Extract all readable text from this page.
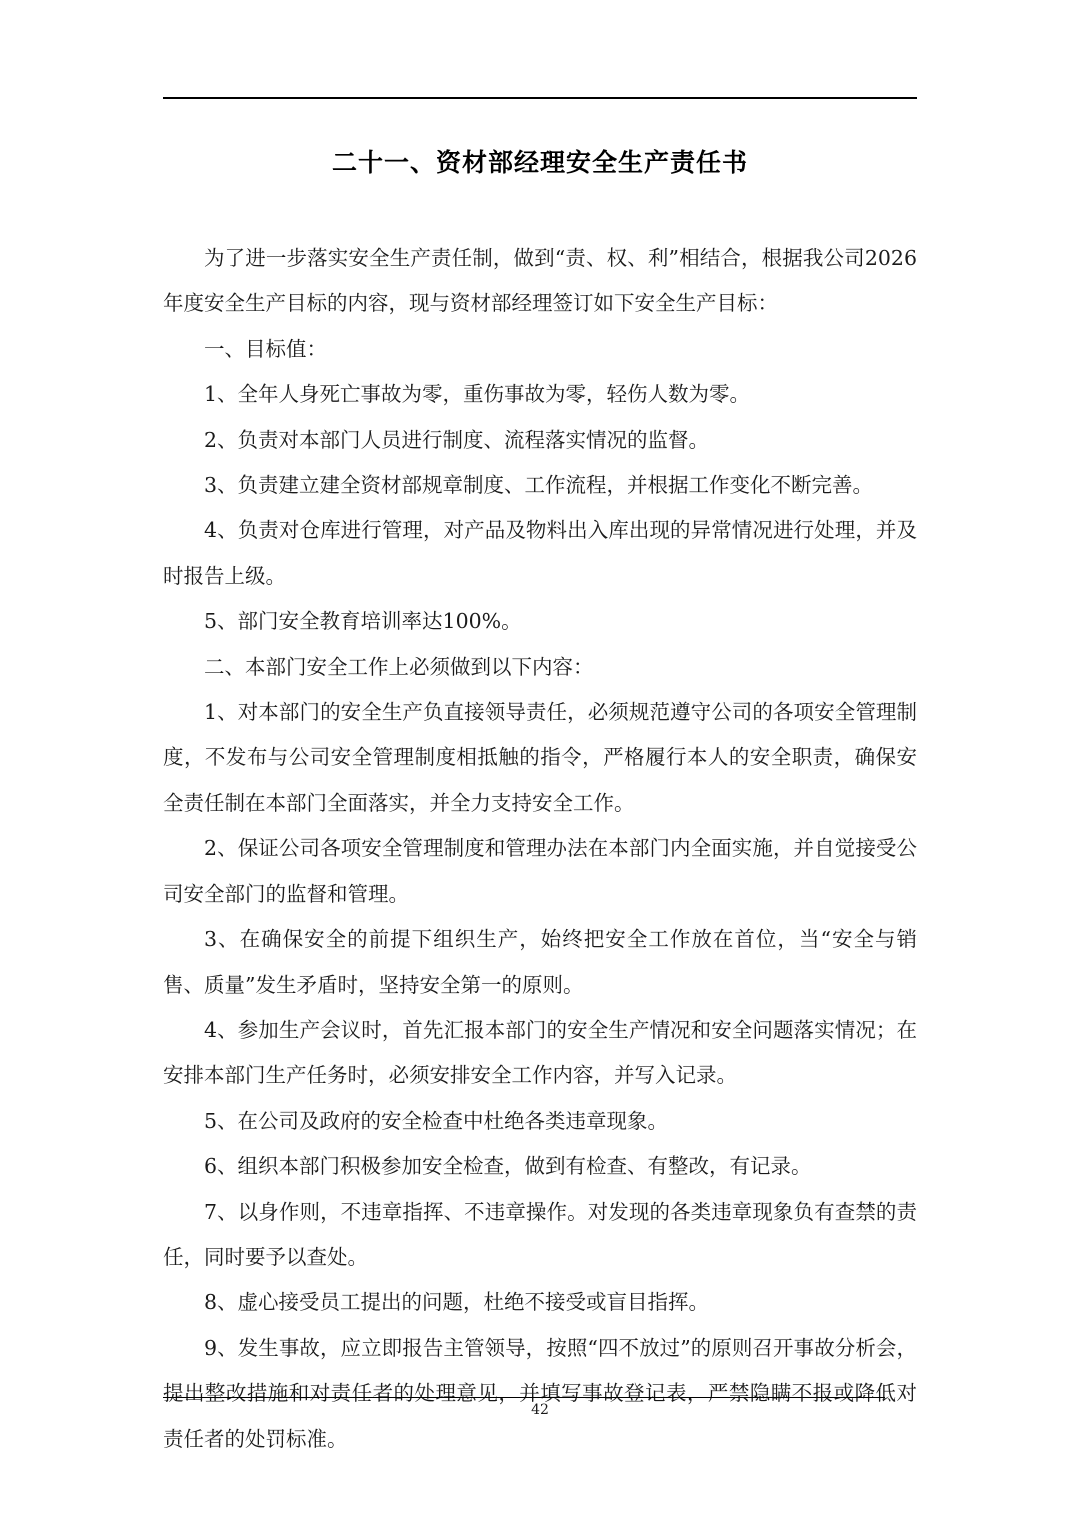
二十一、资材部经理安全生产责任书

为了进一步落实安全生产责任制，做到“责、权、利”相结合，根据我公司2026年度安全生产目标的内容，现与资材部经理签订如下安全生产目标：

一、目标值：

1、全年人身死亡事故为零，重伤事故为零，轻伤人数为零。

2、负责对本部门人员进行制度、流程落实情况的监督。

3、负责建立建全资材部规章制度、工作流程，并根据工作变化不断完善。

4、负责对仓库进行管理，对产品及物料出入库出现的异常情况进行处理，并及时报告上级。

5、部门安全教育培训率达100%。

二、本部门安全工作上必须做到以下内容：

1、对本部门的安全生产负直接领导责任，必须规范遵守公司的各项安全管理制度，不发布与公司安全管理制度相抵触的指令，严格履行本人的安全职责，确保安全责任制在本部门全面落实，并全力支持安全工作。

2、保证公司各项安全管理制度和管理办法在本部门内全面实施，并自觉接受公司安全部门的监督和管理。

3、在确保安全的前提下组织生产，始终把安全工作放在首位，当“安全与销售、质量”发生矛盾时，坚持安全第一的原则。

4、参加生产会议时，首先汇报本部门的安全生产情况和安全问题落实情况；在安排本部门生产任务时，必须安排安全工作内容，并写入记录。

5、在公司及政府的安全检查中杜绝各类违章现象。

6、组织本部门积极参加安全检查，做到有检查、有整改，有记录。

7、以身作则，不违章指挥、不违章操作。对发现的各类违章现象负有查禁的责任，同时要予以查处。

8、虚心接受员工提出的问题，杜绝不接受或盲目指挥。

9、发生事故，应立即报告主管领导，按照“四不放过”的原则召开事故分析会，提出整改措施和对责任者的处理意见，并填写事故登记表，严禁隐瞒不报或降低对责任者的处罚标准。

42
